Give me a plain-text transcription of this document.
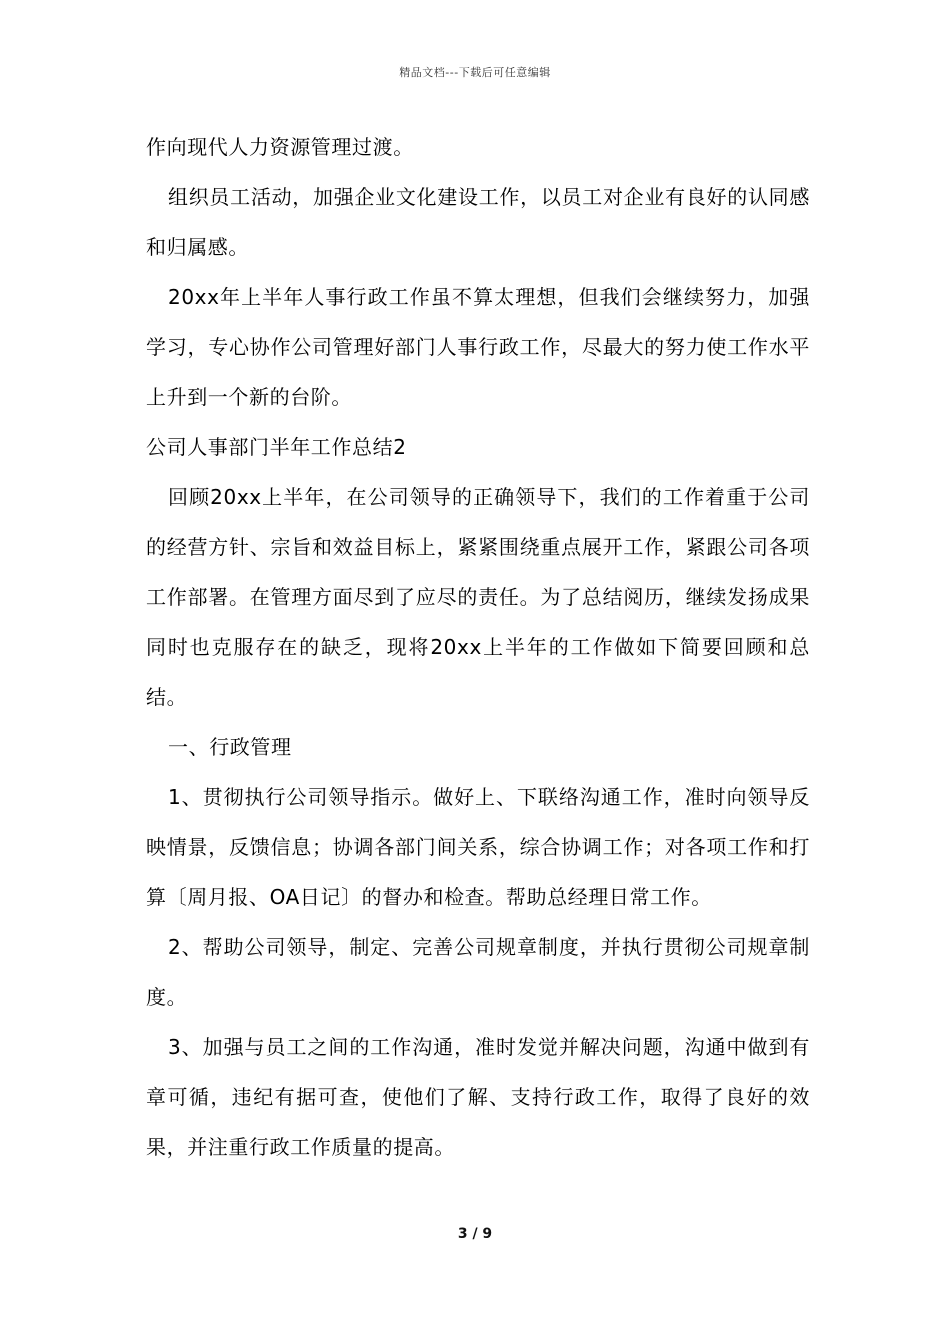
精品文档---下载后可任意编辑

作向现代人力资源管理过渡。

组织员工活动，加强企业文化建设工作，以员工对企业有良好的认同感和归属感。

20xx年上半年人事行政工作虽不算太理想，但我们会继续努力，加强学习，专心协作公司管理好部门人事行政工作，尽最大的努力使工作水平上升到一个新的台阶。

公司人事部门半年工作总结2

回顾20xx上半年，在公司领导的正确领导下，我们的工作着重于公司的经营方针、宗旨和效益目标上，紧紧围绕重点展开工作，紧跟公司各项工作部署。在管理方面尽到了应尽的责任。为了总结阅历，继续发扬成果同时也克服存在的缺乏，现将20xx上半年的工作做如下简要回顾和总结。

一、行政管理

1、贯彻执行公司领导指示。做好上、下联络沟通工作，准时向领导反映情景，反馈信息；协调各部门间关系，综合协调工作；对各项工作和打算〔周月报、OA日记〕的督办和检查。帮助总经理日常工作。

2、帮助公司领导，制定、完善公司规章制度，并执行贯彻公司规章制度。

3、加强与员工之间的工作沟通，准时发觉并解决问题，沟通中做到有章可循，违纪有据可查，使他们了解、支持行政工作，取得了良好的效果，并注重行政工作质量的提高。

3 / 9
